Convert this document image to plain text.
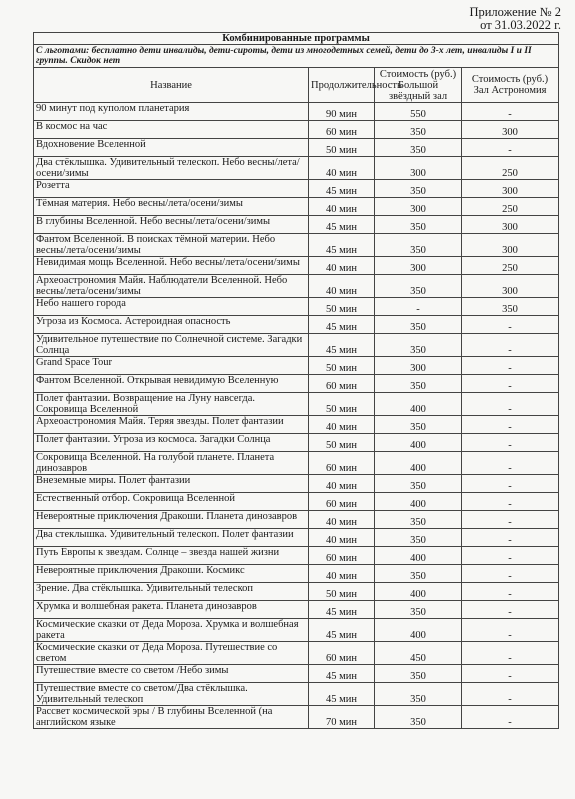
Приложение № 2
от 31.03.2022 г.
Комбинированные программы			
С льготами: бесплатно дети инвалиды, дети-сироты, дети из многодетных семей, дети до 3-х лет, инвалиды I и II группы. Скидок нет			
Название	Продолжительность	Стоимость (руб.) Большой звёздный зал	Стоимость (руб.) Зал Астрономия
90 минут под куполом планетария	90 мин	550	-
В космос на час	60 мин	350	300
Вдохновение Вселенной	50 мин	350	-
Два стёклышка. Удивительный телескоп. Небо весны/лета/осени/зимы	40 мин	300	250
Розетта	45 мин	350	300
Тёмная материя. Небо весны/лета/осени/зимы	40 мин	300	250
В глубины Вселенной. Небо весны/лета/осени/зимы	45 мин	350	300
Фантом Вселенной. В поисках тёмной материи. Небо весны/лета/осени/зимы	45 мин	350	300
Невидимая мощь Вселенной. Небо весны/лета/осени/зимы	40 мин	300	250
Археоастрономия Майя. Наблюдатели Вселенной. Небо весны/лета/осени/зимы	40 мин	350	300
Небо нашего города	50 мин	-	350
Угроза из Космоса. Астероидная опасность	45 мин	350	-
Удивительное путешествие по Солнечной системе. Загадки Солнца	45 мин	350	-
Grand Space Tour	50 мин	300	-
Фантом Вселенной. Открывая невидимую Вселенную	60 мин	350	-
Полет фантазии. Возвращение на Луну навсегда. Сокровища Вселенной	50 мин	400	-
Археоастрономия Майя. Теряя звезды. Полет фантазии	40 мин	350	-
Полет фантазии. Угроза из космоса. Загадки Солнца	50 мин	400	-
Сокровища Вселенной. На голубой планете. Планета динозавров	60 мин	400	-
Внеземные миры. Полет фантазии	40 мин	350	-
Естественный отбор. Сокровища Вселенной	60 мин	400	-
Невероятные приключения Дракоши. Планета динозавров	40 мин	350	-
Два стеклышка. Удивительный телескоп. Полет фантазии	40 мин	350	-
Путь Европы к звездам. Солнце – звезда нашей жизни	60 мин	400	-
Невероятные приключения Дракоши. Космикс	40 мин	350	-
Зрение. Два стёклышка. Удивительный телескоп	50 мин	400	-
Хрумка и волшебная ракета. Планета динозавров	45 мин	350	-
Космические сказки от Деда Мороза. Хрумка и волшебная ракета	45 мин	400	-
Космические сказки от Деда Мороза. Путешествие со светом	60 мин	450	-
Путешествие вместе со светом /Небо зимы	45 мин	350	-
Путешествие вместе со светом/Два стёклышка. Удивительный телескоп	45 мин	350	-
Рассвет космической эры / В глубины Вселенной (на английском языке	70 мин	350	-
